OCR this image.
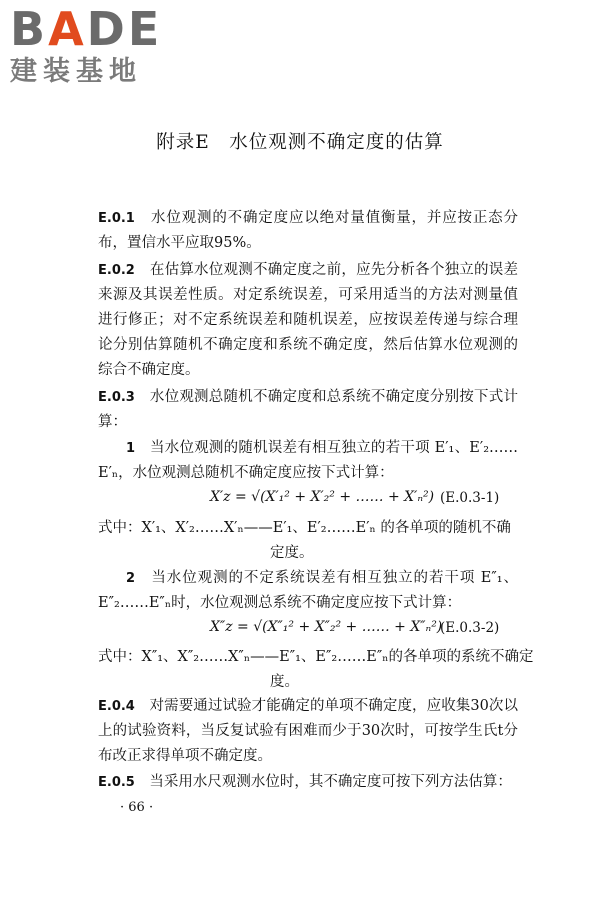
BADE
建装基地
附录E　水位观测不确定度的估算

E.0.1　 水位观测的不确定度应以绝对量值衡量，并应按正态分布，置信水平应取95%。

E.0.2　 在估算水位观测不确定度之前，应先分析各个独立的误差来源及其误差性质。对定系统误差，可采用适当的方法对测量值进行修正；对不定系统误差和随机误差，应按误差传递与综合理论分别估算随机不确定度和系统不确定度，然后估算水位观测的综合不确定度。

E.0.3　 水位观测总随机不确定度和总系统不确定度分别按下式计算：

1　 当水位观测的随机误差有相互独立的若干项 E′₁、E′₂……E′ₙ，水位观测总随机不确定度应按下式计算：

X′z = √(X′₁² + X′₂² + …… + X′ₙ²) (E.0.3-1)
式中：X′₁、X′₂……X′ₙ——E′₁、E′₂……E′ₙ 的各单项的随机不确
定度。

2　 当水位观测的不定系统误差有相互独立的若干项 E″₁、E″₂……E″ₙ时，水位观测总系统不确定度应按下式计算：

X″z = √(X″₁² + X″₂² + …… + X″ₙ²)
(E.0.3-2)
式中：X″₁、X″₂……X″ₙ——E″₁、E″₂……E″ₙ的各单项的系统不确定
度。

E.0.4　 对需要通过试验才能确定的单项不确定度，应收集30次以上的试验资料，当反复试验有困难而少于30次时，可按学生氏t分布改正求得单项不确定度。

E.0.5　 当采用水尺观测水位时，其不确定度可按下列方法估算：

· 66 ·
